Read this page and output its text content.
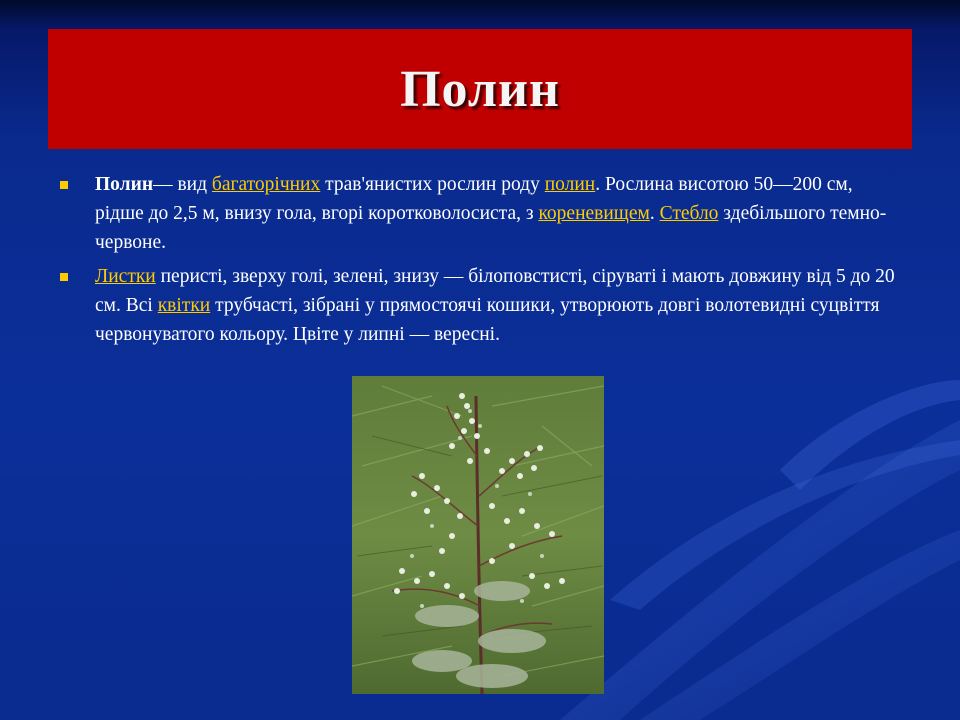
Полин
Полин— вид багаторічних трав'янистих рослин роду полин. Рослина висотою 50—200 см, рідше до 2,5 м, внизу гола, вгорі коротковолосиста, з кореневищем. Стебло здебільшого темно-червоне.
Листки перисті, зверху голі, зелені, знизу — білоповстисті, сіруваті і мають довжину від 5 до 20 см. Всі квітки трубчасті, зібрані у прямостоячі кошики, утворюють довгі волотевидні суцвіття червонуватого кольору. Цвіте у липні — вересні.
